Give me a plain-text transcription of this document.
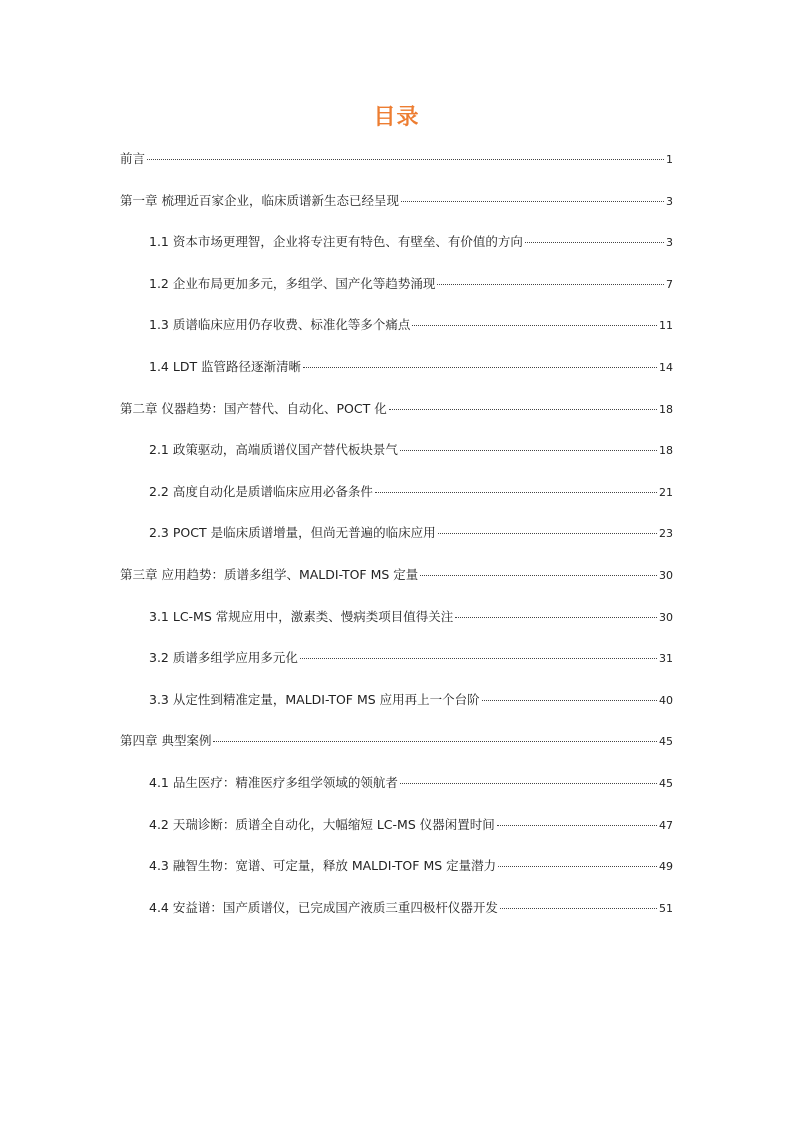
目录
前言	1
第一章 梳理近百家企业，临床质谱新生态已经呈现	3
1.1 资本市场更理智，企业将专注更有特色、有壁垒、有价值的方向	3
1.2 企业布局更加多元，多组学、国产化等趋势涌现	7
1.3 质谱临床应用仍存收费、标准化等多个痛点	11
1.4 LDT 监管路径逐渐清晰	14
第二章 仪器趋势：国产替代、自动化、POCT 化	18
2.1 政策驱动，高端质谱仪国产替代板块景气	18
2.2 高度自动化是质谱临床应用必备条件	21
2.3 POCT 是临床质谱增量，但尚无普遍的临床应用	23
第三章 应用趋势：质谱多组学、MALDI-TOF MS 定量	30
3.1 LC-MS 常规应用中，激素类、慢病类项目值得关注	30
3.2 质谱多组学应用多元化	31
3.3 从定性到精准定量，MALDI-TOF MS 应用再上一个台阶	40
第四章 典型案例	45
4.1 品生医疗：精准医疗多组学领域的领航者	45
4.2 天瑞诊断：质谱全自动化，大幅缩短 LC-MS 仪器闲置时间	47
4.3 融智生物：宽谱、可定量，释放 MALDI-TOF MS 定量潜力	49
4.4 安益谱：国产质谱仪，已完成国产液质三重四极杆仪器开发	51
